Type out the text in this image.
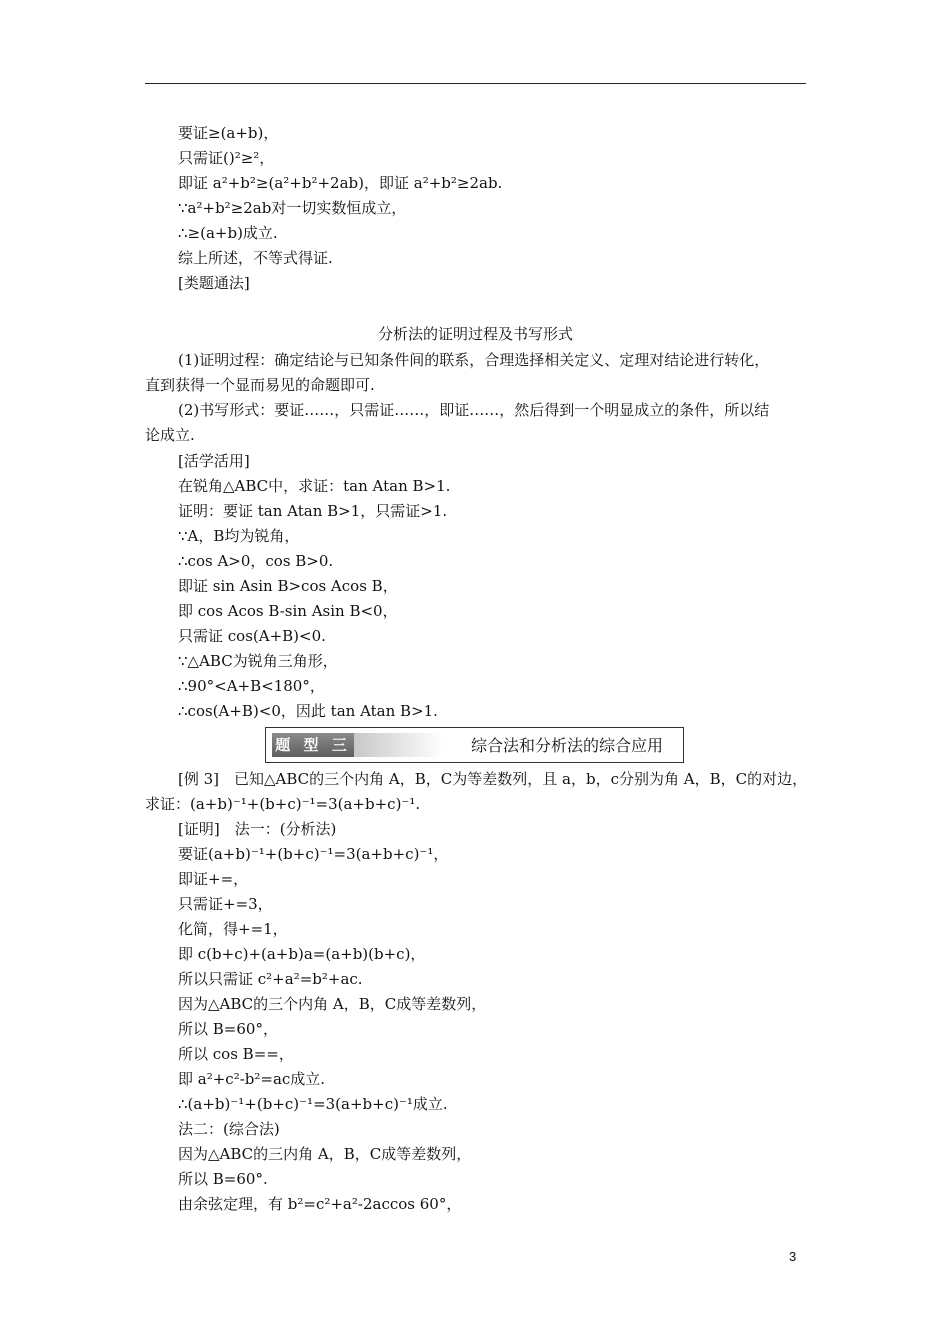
要证≥(a+b)，
只需证()²≥²，
即证 a²+b²≥(a²+b²+2ab)，即证 a²+b²≥2ab.
∵a²+b²≥2ab对一切实数恒成立，
∴≥(a+b)成立.
综上所述，不等式得证.
[类题通法]
分析法的证明过程及书写形式
(1)证明过程：确定结论与已知条件间的联系，合理选择相关定义、定理对结论进行转化，
直到获得一个显而易见的命题即可.
(2)书写形式：要证……，只需证……，即证……，然后得到一个明显成立的条件，所以结
论成立.
[活学活用]
在锐角△ABC中，求证：tan Atan B>1.
证明：要证 tan Atan B>1，只需证>1.
∵A，B均为锐角，
∴cos A>0，cos B>0.
即证 sin Asin B>cos Acos B，
即 cos Acos B-sin Asin B<0，
只需证 cos(A+B)<0.
∵△ABC为锐角三角形，
∴90°<A+B<180°，
∴cos(A+B)<0，因此 tan Atan B>1.
题 型 三	综合法和分析法的综合应用
[例 3]　已知△ABC的三个内角 A，B，C为等差数列，且 a，b，c分别为角 A，B，C的对边，
求证：(a+b)⁻¹+(b+c)⁻¹=3(a+b+c)⁻¹.
[证明]　法一：(分析法)
要证(a+b)⁻¹+(b+c)⁻¹=3(a+b+c)⁻¹，
即证+=，
只需证+=3，
化简，得+=1，
即 c(b+c)+(a+b)a=(a+b)(b+c)，
所以只需证 c²+a²=b²+ac.
因为△ABC的三个内角 A，B，C成等差数列，
所以 B=60°，
所以 cos B==，
即 a²+c²-b²=ac成立.
∴(a+b)⁻¹+(b+c)⁻¹=3(a+b+c)⁻¹成立.
法二：(综合法)
因为△ABC的三内角 A，B，C成等差数列，
所以 B=60°.
由余弦定理，有 b²=c²+a²-2accos 60°，
3
